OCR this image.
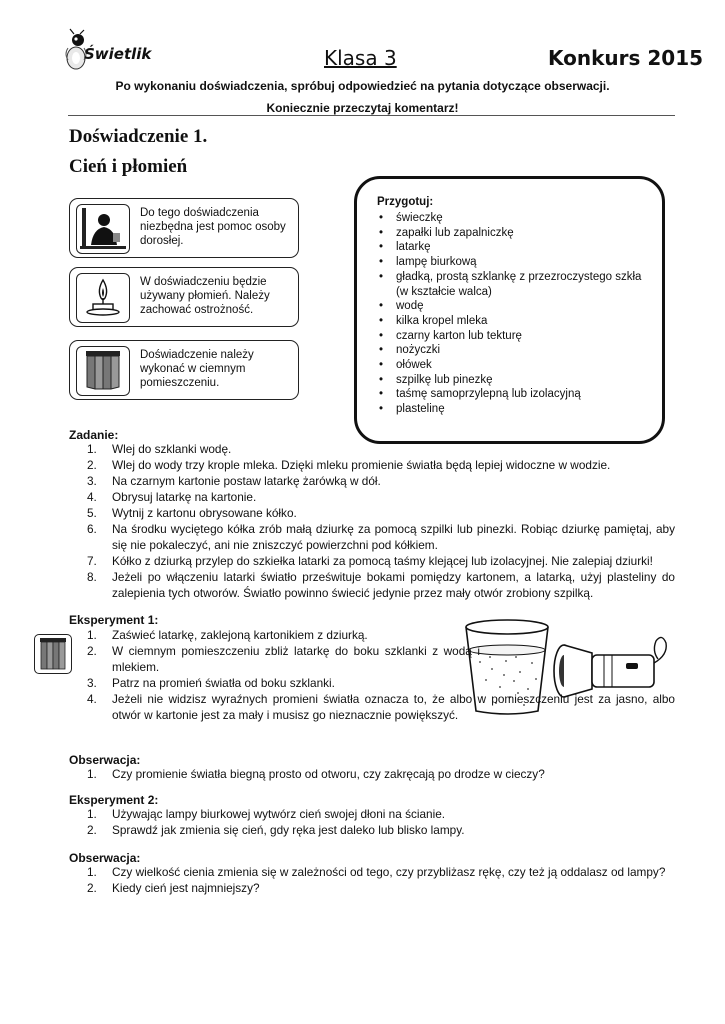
Świetlik	Klasa 3	Konkurs 2015
Po wykonaniu doświadczenia, spróbuj odpowiedzieć na pytania dotyczące obserwacji.
Koniecznie przeczytaj komentarz!
Doświadczenie 1.
Cień i płomień
Do tego doświadczenia niezbędna jest pomoc osoby dorosłej.
W doświadczeniu będzie używany płomień. Należy zachować ostrożność.
Doświadczenie należy wykonać w ciemnym pomieszczeniu.
Przygotuj:
• świeczkę
• zapałki lub zapalniczkę
• latarkę
• lampę biurkową
• gładką, prostą szklankę z przezroczystego szkła (w kształcie walca)
• wodę
• kilka kropel mleka
• czarny karton lub tekturę
• nożyczki
• ołówek
• szpilkę lub pinezkę
• taśmę samoprzylepną lub izolacyjną
• plastelinę
Zadanie:
1. Wlej do szklanki wodę.
2. Wlej do wody trzy krople mleka. Dzięki mleku promienie światła będą lepiej widoczne w wodzie.
3. Na czarnym kartonie postaw latarkę żarówką w dół.
4. Obrysuj latarkę na kartonie.
5. Wytnij z kartonu obrysowane kółko.
6. Na środku wyciętego kółka zrób małą dziurkę za pomocą szpilki lub pinezki. Robiąc dziurkę pamiętaj, aby się nie pokaleczyć, ani nie zniszczyć powierzchni pod kółkiem.
7. Kółko z dziurką przylep do szkiełka latarki za pomocą taśmy klejącej lub izolacyjnej. Nie zalepiaj dziurki!
8. Jeżeli po włączeniu latarki światło prześwituje bokami pomiędzy kartonem, a latarką, użyj plasteliny do zalepienia tych otworów. Światło powinno świecić jedynie przez mały otwór zrobiony szpilką.
Eksperyment 1:
1. Zaświeć latarkę, zaklejoną kartonikiem z dziurką.
2. W ciemnym pomieszczeniu zbliż latarkę do boku szklanki z wodą i mlekiem.
3. Patrz na promień światła od boku szklanki.
4. Jeżeli nie widzisz wyraźnych promieni światła oznacza to, że albo w pomieszczeniu jest za jasno, albo otwór w kartonie jest za mały i musisz go nieznacznie powiększyć.
Obserwacja:
1. Czy promienie światła biegną prosto od otworu, czy zakręcają po drodze w cieczy?
Eksperyment 2:
1. Używając lampy biurkowej wytwórz cień swojej dłoni na ścianie.
2. Sprawdź jak zmienia się cień, gdy ręka jest daleko lub blisko lampy.
Obserwacja:
1. Czy wielkość cienia zmienia się w zależności od tego, czy przybliżasz rękę, czy też ją oddalasz od lampy?
2. Kiedy cień jest najmniejszy?
